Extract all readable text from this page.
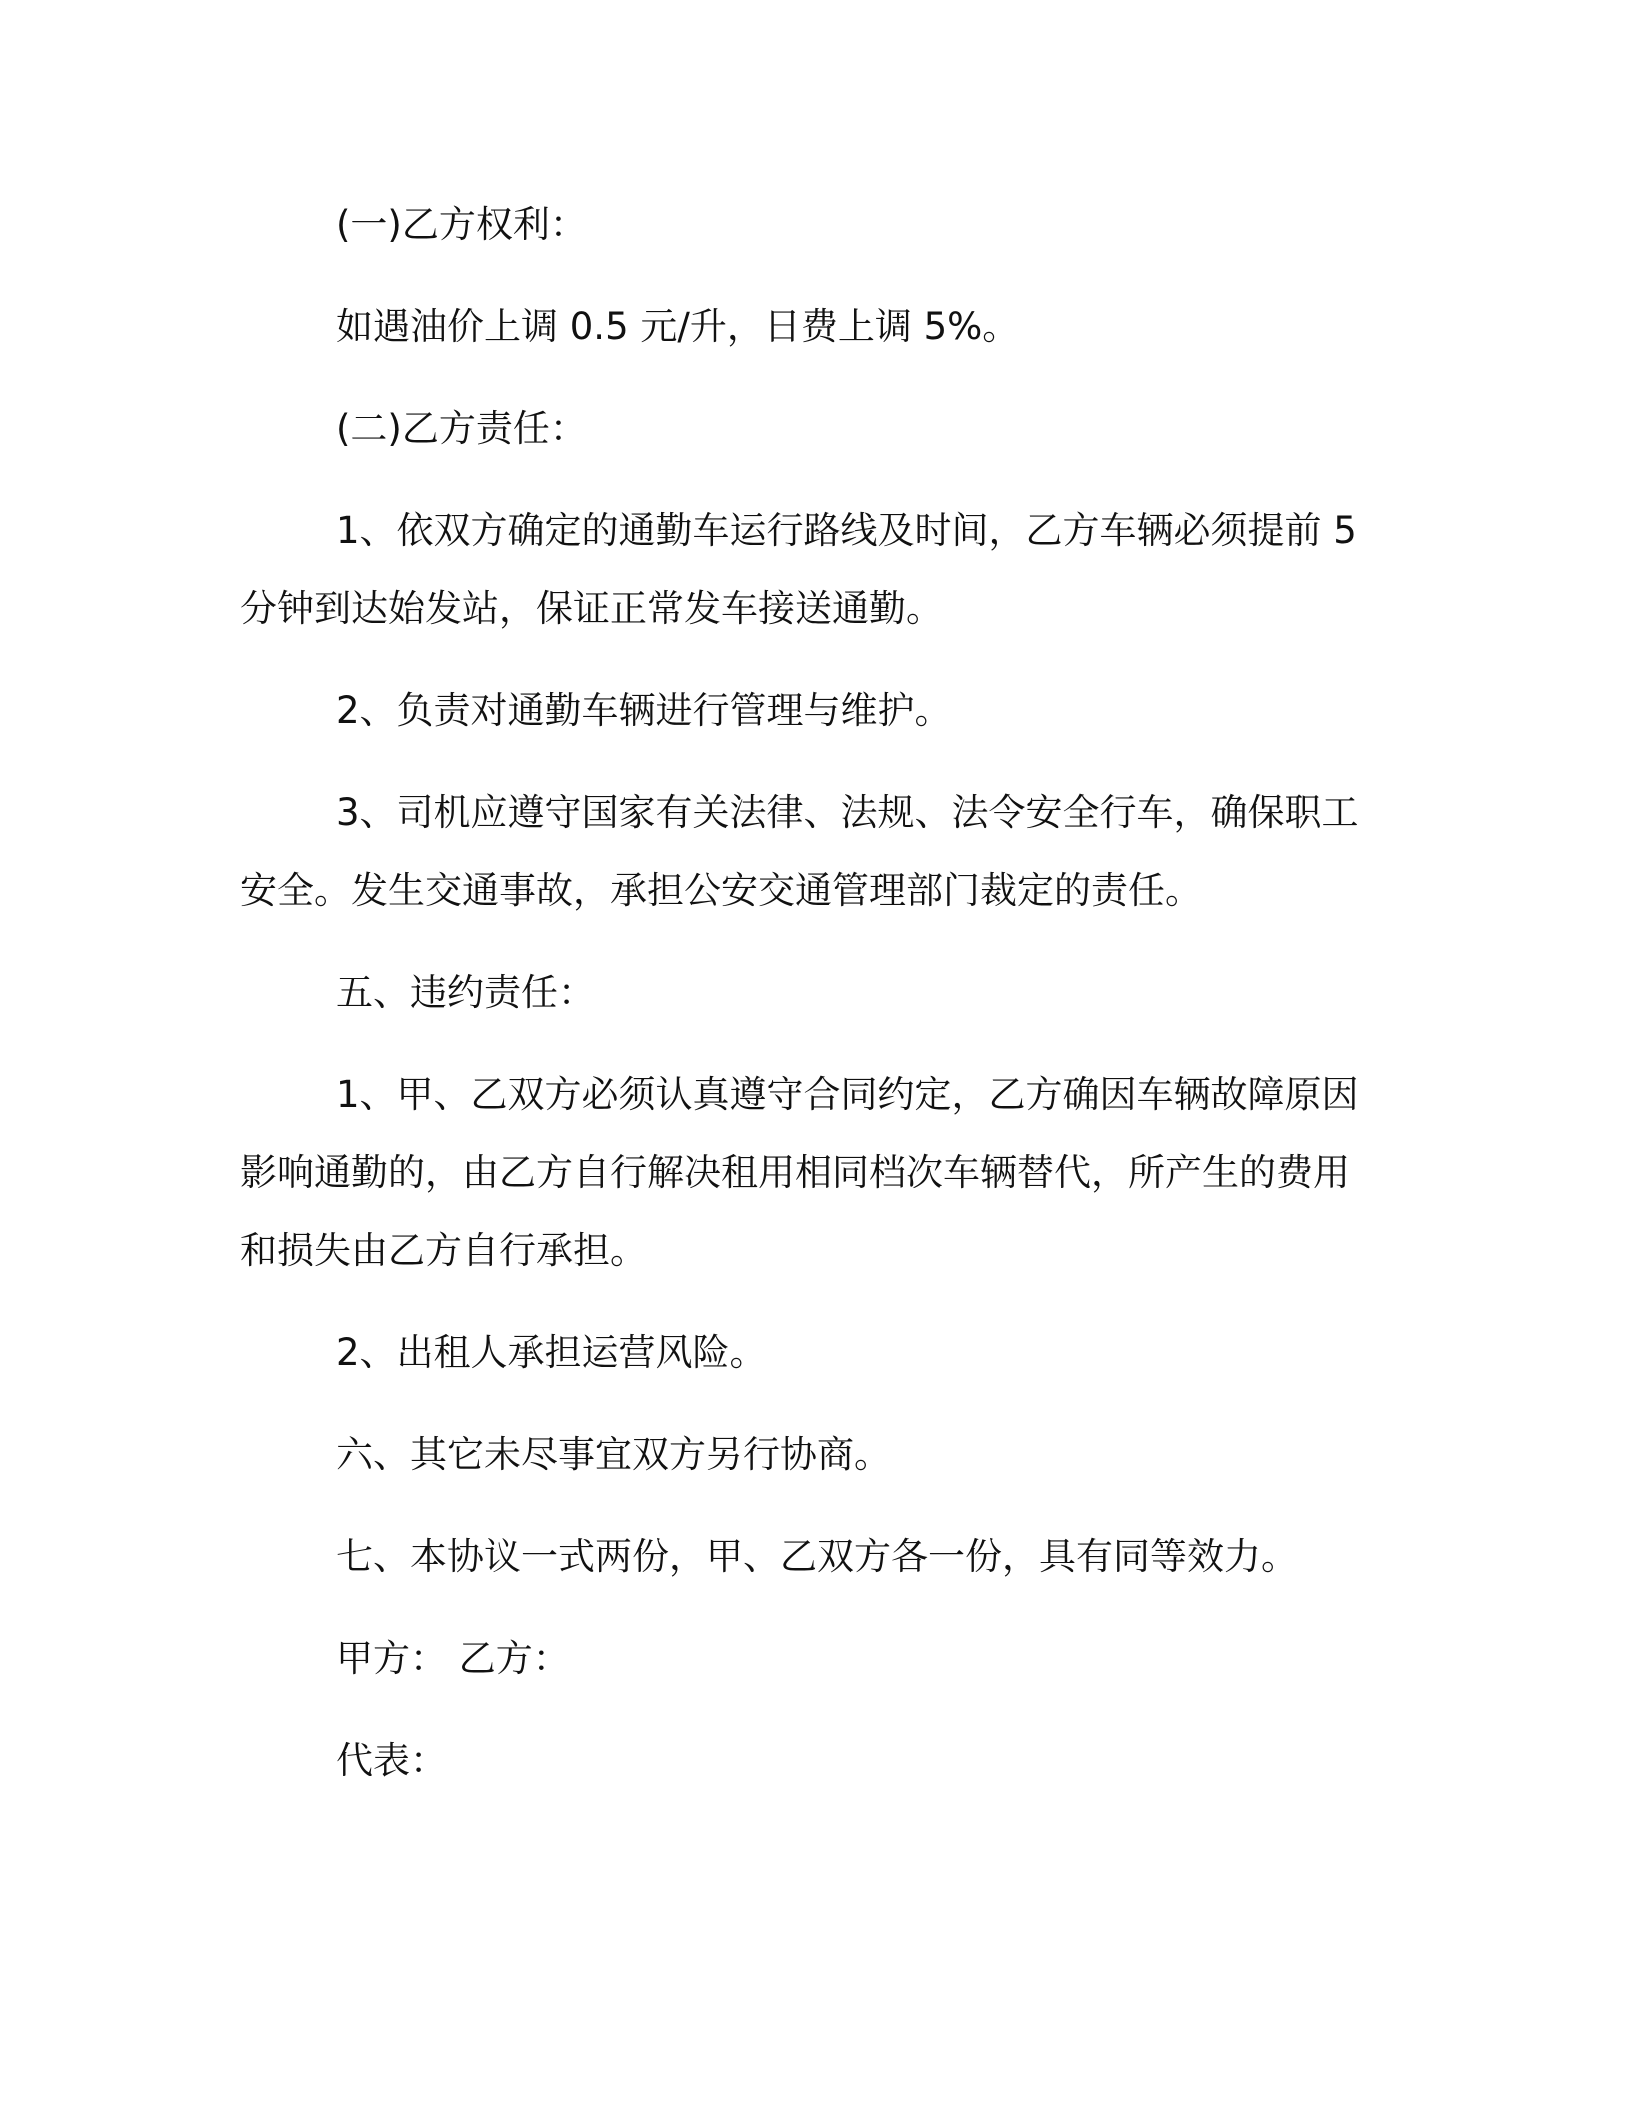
(一)乙方权利：

如遇油价上调 0.5 元/升，日费上调 5%。

(二)乙方责任：

1、依双方确定的通勤车运行路线及时间，乙方车辆必须提前 5 分钟到达始发站，保证正常发车接送通勤。

2、负责对通勤车辆进行管理与维护。

3、司机应遵守国家有关法律、法规、法令安全行车，确保职工安全。发生交通事故，承担公安交通管理部门裁定的责任。

五、违约责任：

1、甲、乙双方必须认真遵守合同约定，乙方确因车辆故障原因影响通勤的，由乙方自行解决租用相同档次车辆替代，所产生的费用和损失由乙方自行承担。

2、出租人承担运营风险。

六、其它未尽事宜双方另行协商。

七、本协议一式两份，甲、乙双方各一份，具有同等效力。

甲方： 乙方：

代表：
